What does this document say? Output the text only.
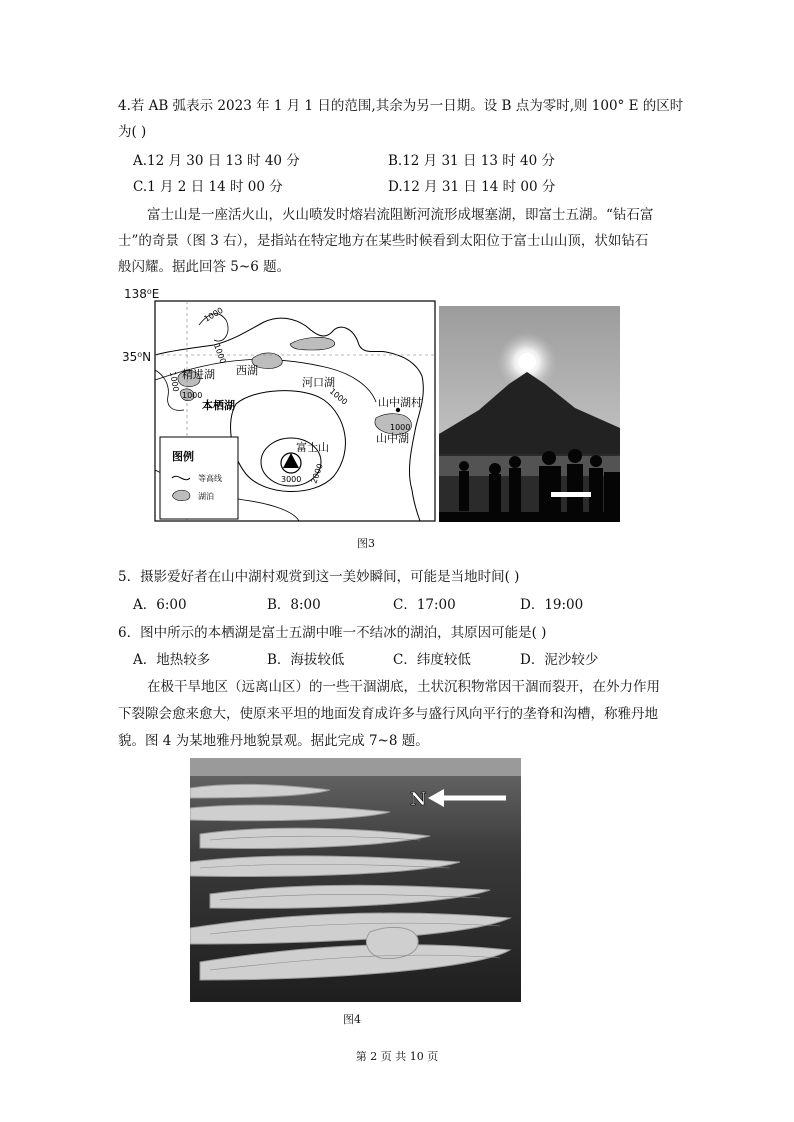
4.若 AB 弧表示 2023 年 1 月 1 日的范围,其余为另一日期。设 B 点为零时,则 100° E 的区时
为( )
A.12 月 30 日 13 时 40 分	B.12 月 31 日 13 时 40 分
C.1 月 2 日 14 时 00 分	D.12 月 31 日 14 时 00 分
富士山是一座活火山，火山喷发时熔岩流阻断河流形成堰塞湖，即富士五湖。“钻石富
士”的奇景（图 3 右），是指站在特定地方在某些时候看到太阳位于富士山山顶，状如钻石
般闪耀。据此回答 5~6 题。
西湖
河口湖
精进湖
本栖湖	山中湖村
山中湖
富士山
1000
1000
1000
1000	1000
1000
3000 2000
图例
等高线
湖泊
138⁰E
35⁰N
图3
5．摄影爱好者在山中湖村观赏到这一美妙瞬间，可能是当地时间( )
A．6:00	B．8:00	C．17:00	D．19:00
6．图中所示的本栖湖是富士五湖中唯一不结冰的湖泊，其原因可能是( )
A．地热较多	B．海拔较低	C．纬度较低	D．泥沙较少
在极干旱地区（远离山区）的一些干涸湖底，土状沉积物常因干涸而裂开，在外力作用
下裂隙会愈来愈大，使原来平坦的地面发育成许多与盛行风向平行的垄脊和沟槽，称雅丹地
貌。图 4 为某地雅丹地貌景观。据此完成 7~8 题。
N
图4
第 2 页 共 10 页
